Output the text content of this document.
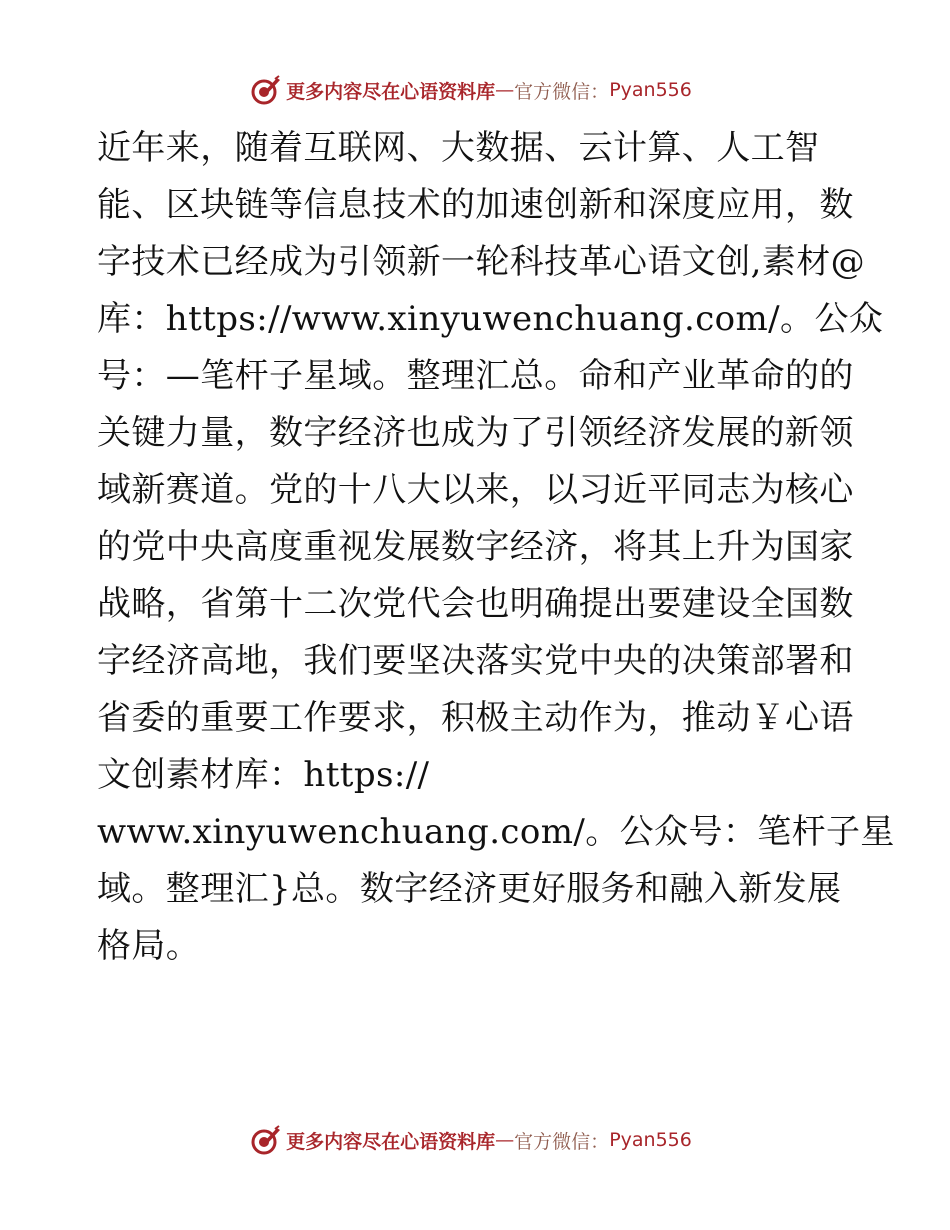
更多内容尽在心语资料库 — 官方微信： Pyan556
近年来，随着互联网、大数据、云计算、人工智
能、区块链等信息技术的加速创新和深度应用，数
字技术已经成为引领新一轮科技革心语文创,素材@
库：https://www.xinyuwenchuang.com/。公众
号：—笔杆子星域。整理汇总。命和产业革命的的
关键力量，数字经济也成为了引领经济发展的新领
域新赛道。党的十八大以来，以习近平同志为核心
的党中央高度重视发展数字经济，将其上升为国家
战略，省第十二次党代会也明确提出要建设全国数
字经济高地，我们要坚决落实党中央的决策部署和
省委的重要工作要求，积极主动作为，推动￥心语
文创素材库：https://
www.xinyuwenchuang.com/。公众号：笔杆子星
域。整理汇}总。数字经济更好服务和融入新发展
格局。
更多内容尽在心语资料库 — 官方微信： Pyan556
